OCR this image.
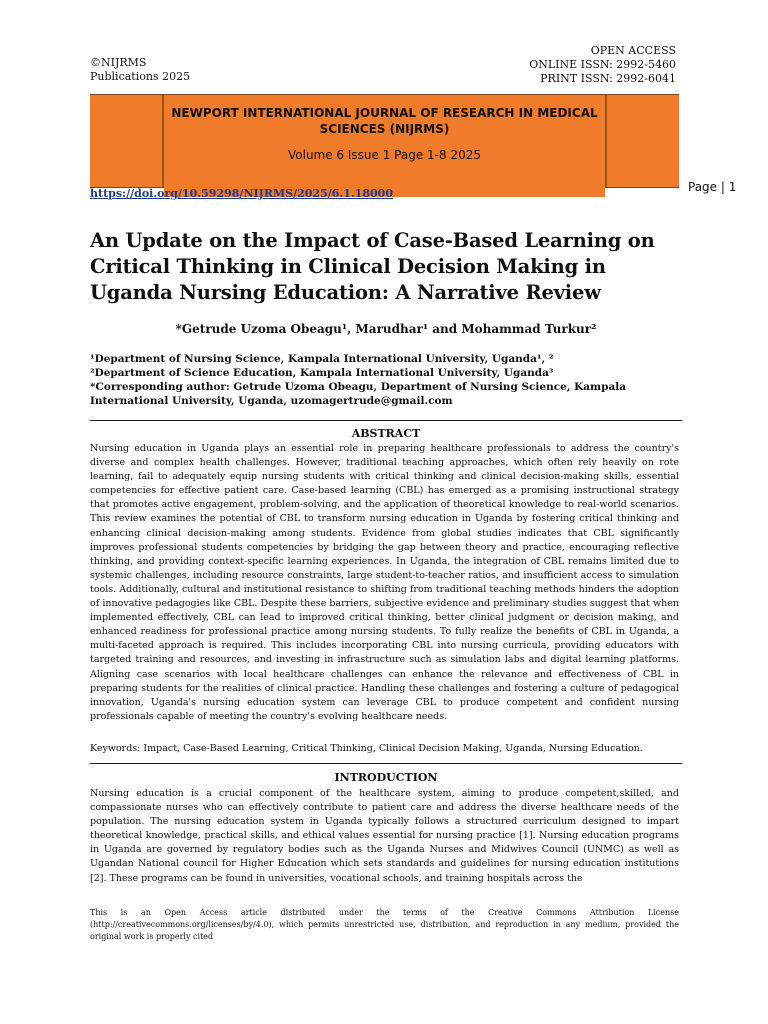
©NIJRMS
Publications 2025
OPEN ACCESS
ONLINE ISSN: 2992-5460
PRINT ISSN: 2992-6041
NEWPORT INTERNATIONAL JOURNAL OF RESEARCH IN MEDICAL SCIENCES (NIJRMS)
Volume 6 Issue 1 Page 1-8 2025
https://doi.org/10.59298/NIJRMS/2025/6.1.18000	Page | 1
An Update on the Impact of Case-Based Learning on Critical Thinking in Clinical Decision Making in Uganda Nursing Education: A Narrative Review
*Getrude Uzoma Obeagu¹, Marudhar¹ and Mohammad Turkur²
¹Department of Nursing Science, Kampala International University, Uganda¹, ²
²Department of Science Education, Kampala International University, Uganda³
*Corresponding author: Getrude Uzoma Obeagu, Department of Nursing Science, Kampala International University, Uganda, uzomagertrude@gmail.com
ABSTRACT
Nursing education in Uganda plays an essential role in preparing healthcare professionals to address the country's diverse and complex health challenges. However, traditional teaching approaches, which often rely heavily on rote learning, fail to adequately equip nursing students with critical thinking and clinical decision-making skills, essential competencies for effective patient care. Case-based learning (CBL) has emerged as a promising instructional strategy that promotes active engagement, problem-solving, and the application of theoretical knowledge to real-world scenarios. This review examines the potential of CBL to transform nursing education in Uganda by fostering critical thinking and enhancing clinical decision-making among students. Evidence from global studies indicates that CBL significantly improves professional students competencies by bridging the gap between theory and practice, encouraging reflective thinking, and providing context-specific learning experiences. In Uganda, the integration of CBL remains limited due to systemic challenges, including resource constraints, large student-to-teacher ratios, and insufficient access to simulation tools. Additionally, cultural and institutional resistance to shifting from traditional teaching methods hinders the adoption of innovative pedagogies like CBL. Despite these barriers, subjective evidence and preliminary studies suggest that when implemented effectively, CBL can lead to improved critical thinking, better clinical judgment or decision making, and enhanced readiness for professional practice among nursing students. To fully realize the benefits of CBL in Uganda, a multi-faceted approach is required. This includes incorporating CBL into nursing curricula, providing educators with targeted training and resources, and investing in infrastructure such as simulation labs and digital learning platforms. Aligning case scenarios with local healthcare challenges can enhance the relevance and effectiveness of CBL in preparing students for the realities of clinical practice. Handling these challenges and fostering a culture of pedagogical innovation, Uganda's nursing education system can leverage CBL to produce competent and confident nursing professionals capable of meeting the country's evolving healthcare needs.
Keywords: Impact, Case-Based Learning, Critical Thinking, Clinical Decision Making, Uganda, Nursing Education.
INTRODUCTION
Nursing education is a crucial component of the healthcare system, aiming to produce competent,skilled, and compassionate nurses who can effectively contribute to patient care and address the diverse healthcare needs of the population. The nursing education system in Uganda typically follows a structured curriculum designed to impart theoretical knowledge, practical skills, and ethical values essential for nursing practice [1]. Nursing education programs in Uganda are governed by regulatory bodies such as the Uganda Nurses and Midwives Council (UNMC) as well as Ugandan National council for Higher Education which sets standards and guidelines for nursing education institutions [2]. These programs can be found in universities, vocational schools, and training hospitals across the
This is an Open Access article distributed under the terms of the Creative Commons Attribution License (http://creativecommons.org/licenses/by/4.0), which permits unrestricted use, distribution, and reproduction in any medium, provided the original work is properly cited
